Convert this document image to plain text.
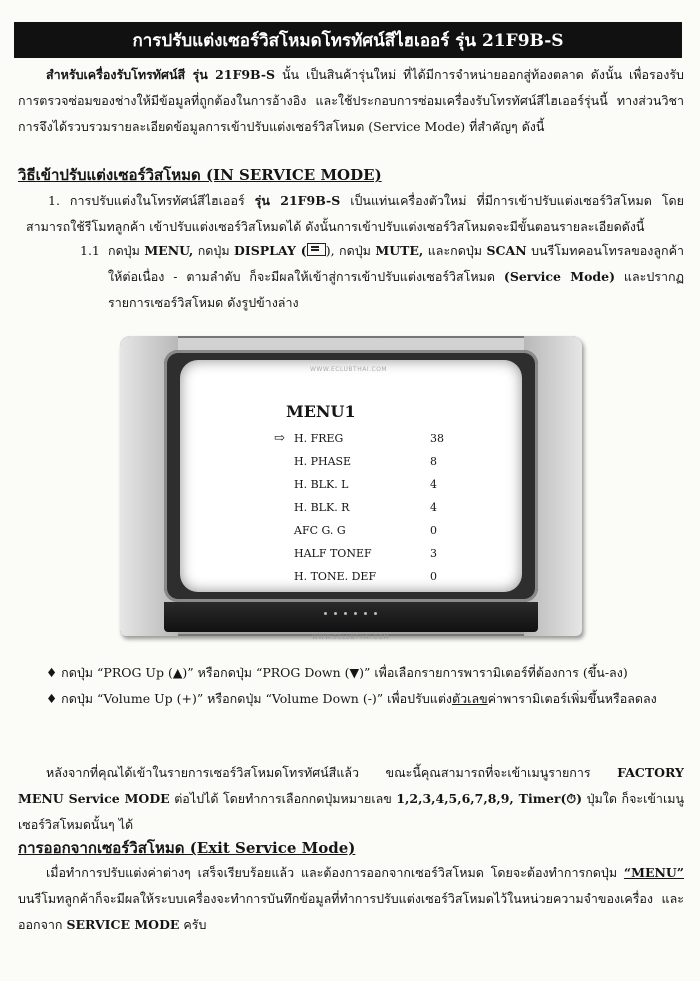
การปรับแต่งเซอร์วิสโหมดโทรทัศน์สีไฮเออร์ รุ่น 21F9B-S
สำหรับเครื่องรับโทรทัศน์สี รุ่น 21F9B-S นั้น เป็นสินค้ารุ่นใหม่ ที่ได้มีการจำหน่ายออกสู่ท้องตลาด ดังนั้น เพื่อรองรับการตรวจซ่อมของช่างให้มีข้อมูลที่ถูกต้องในการอ้างอิง และใช้ประกอบการซ่อมเครื่องรับโทรทัศน์สีไฮเออร์รุ่นนี้ ทางส่วนวิชา การจึงได้รวบรวมรายละเอียดข้อมูลการเข้าปรับแต่งเซอร์วิสโหมด (Service Mode) ที่สำคัญๆ ดังนี้
วิธีเข้าปรับแต่งเซอร์วิสโหมด (IN SERVICE MODE)
1. การปรับแต่งในโทรทัศน์สีไฮเออร์ รุ่น 21F9B-S เป็นแท่นเครื่องตัวใหม่ ที่มีการเข้าปรับแต่งเซอร์วิสโหมด โดยสามารถใช้รีโมทลูกค้า เข้าปรับแต่งเซอร์วิสโหมดได้ ดังนั้นการเข้าปรับแต่งเซอร์วิสโหมดจะมีขั้นตอนรายละเอียดดังนี้
1.1 กดปุ่ม MENU, กดปุ่ม DISPLAY ( ), กดปุ่ม MUTE, และกดปุ่ม SCAN บนรีโมทคอนโทรลของลูกค้าให้ต่อเนื่อง - ตามลำดับ ก็จะมีผลให้เข้าสู่การเข้าปรับแต่งเซอร์วิสโหมด (Service Mode) และปรากฏรายการเซอร์วิสโหมด ดังรูปข้างล่าง
WWW.ECLUBTHAI.COM
MENU1
⇨ H. FREG	38
H. PHASE	8
H. BLK. L	4
H. BLK. R	4
AFC G. G	0
HALF TONEF	3
H. TONE. DEF	0
WWW.ECLUBTHAI.COM
♦ กดปุ่ม “PROG Up (▲)” หรือกดปุ่ม “PROG Down (▼)” เพื่อเลือกรายการพารามิเตอร์ที่ต้องการ (ขึ้น-ลง)
♦ กดปุ่ม “Volume Up (+)” หรือกดปุ่ม “Volume Down (-)” เพื่อปรับแต่งตัวเลขค่าพารามิเตอร์เพิ่มขึ้นหรือลดลง
หลังจากที่คุณได้เข้าในรายการเซอร์วิสโหมดโทรทัศน์สีแล้ว ขณะนี้คุณสามารถที่จะเข้าเมนูรายการ FACTORY MENU Service MODE ต่อไปได้ โดยทำการเลือกกดปุ่มหมายเลข 1,2,3,4,5,6,7,8,9, Timer(⏱) ปุ่มใด ก็จะเข้าเมนู เซอร์วิสโหมดนั้นๆ ได้
การออกจากเซอร์วิสโหมด (Exit Service Mode)
เมื่อทำการปรับแต่งค่าต่างๆ เสร็จเรียบร้อยแล้ว และต้องการออกจากเซอร์วิสโหมด โดยจะต้องทำการกดปุ่ม “MENU” บนรีโมทลูกค้าก็จะมีผลให้ระบบเครื่องจะทำการบันทึกข้อมูลที่ทำการปรับแต่งเซอร์วิสโหมดไว้ในหน่วยความจำของเครื่อง และออกจาก SERVICE MODE ครับ
